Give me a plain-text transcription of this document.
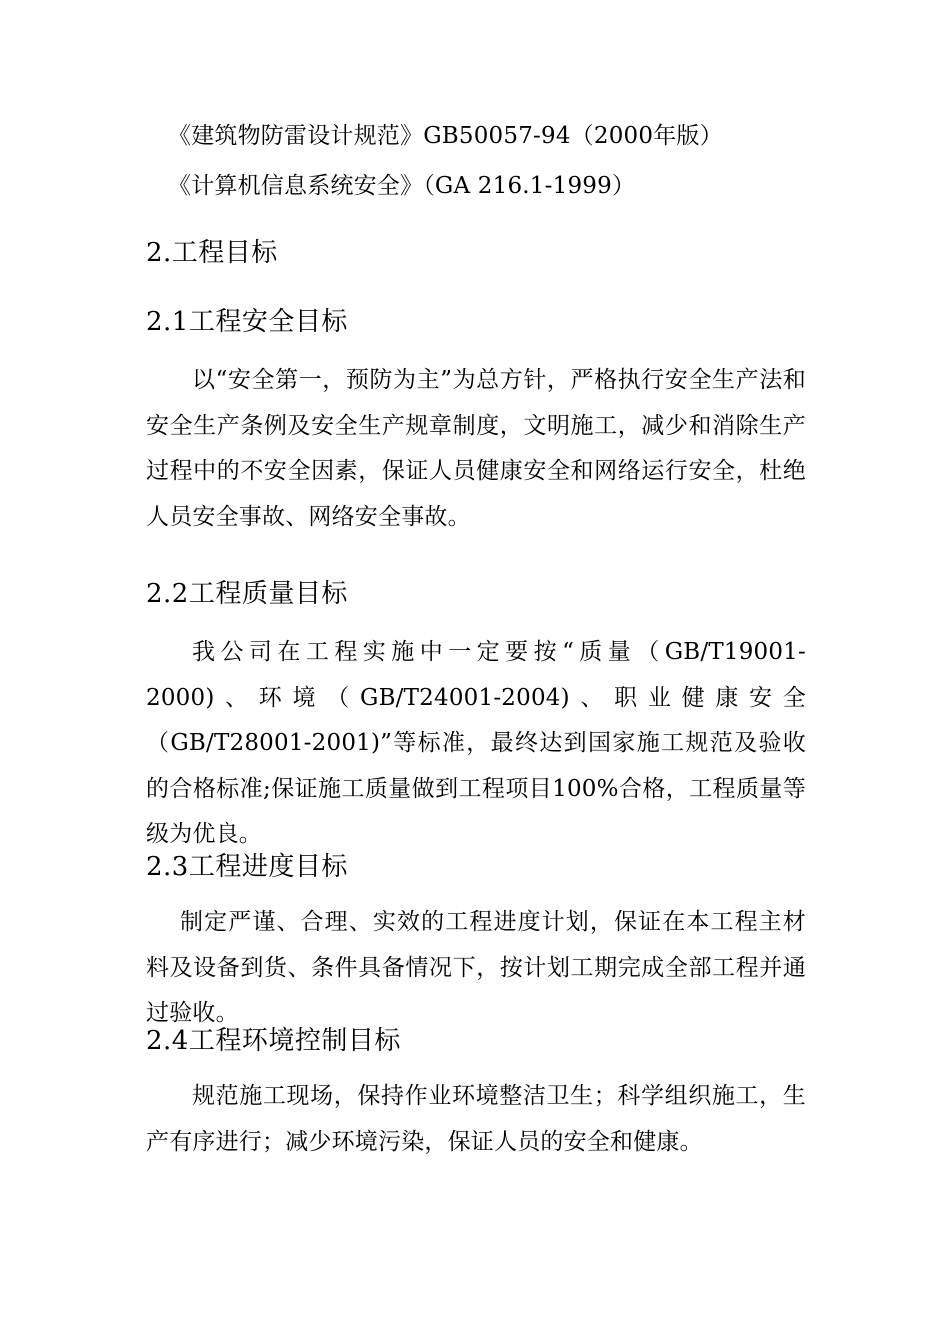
《建筑物防雷设计规范》GB50057-94（2000年版）
《计算机信息系统安全》（GA 216.1-1999）
2.工程目标
2.1工程安全目标

以“安全第一，预防为主”为总方针，严格执行安全生产法和安全生产条例及安全生产规章制度，文明施工，减少和消除生产过程中的不安全因素，保证人员健康安全和网络运行安全，杜绝人员安全事故、网络安全事故。

2.2工程质量目标

我公司在工程实施中一定要按“质量（GB/T19001-2000)、环境（GB/T24001-2004)、职业健康安全（GB/T28001-2001)”等标准，最终达到国家施工规范及验收的合格标准;保证施工质量做到工程项目100%合格，工程质量等级为优良。

2.3工程进度目标

制定严谨、合理、实效的工程进度计划，保证在本工程主材料及设备到货、条件具备情况下，按计划工期完成全部工程并通过验收。

2.4工程环境控制目标

规范施工现场，保持作业环境整洁卫生；科学组织施工，生产有序进行；减少环境污染，保证人员的安全和健康。
